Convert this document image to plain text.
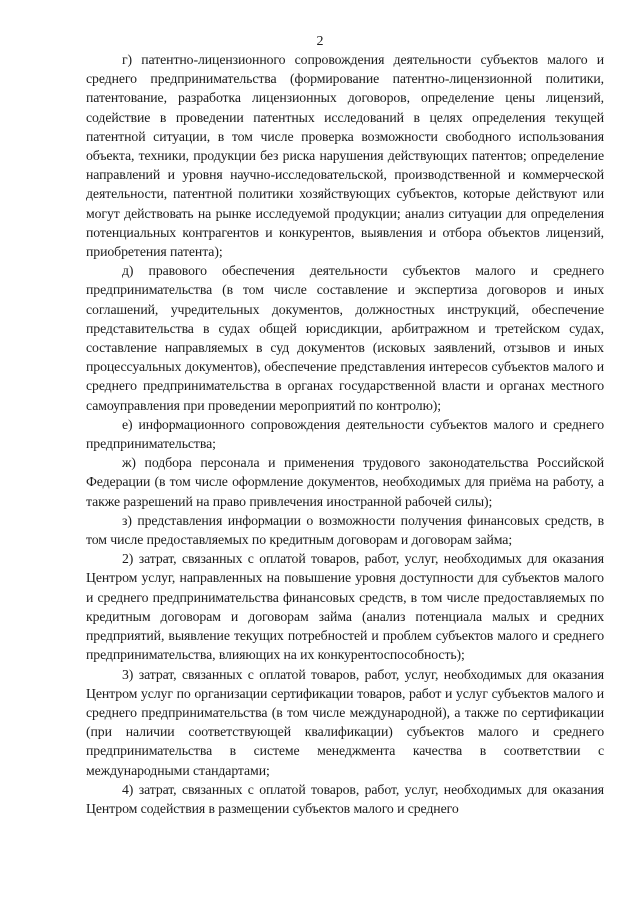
2

г) патентно-лицензионного сопровождения деятельности субъектов малого и среднего предпринимательства (формирование патентно-лицензионной политики, патентование, разработка лицензионных договоров, определение цены лицензий, содействие в проведении патентных исследований в целях определения текущей патентной ситуации, в том числе проверка возможности свободного использования объекта, техники, продукции без риска нарушения действующих патентов; определение направлений и уровня научно-исследовательской, производственной и коммерческой деятельности, патентной политики хозяйствующих субъектов, которые действуют или могут действовать на рынке исследуемой продукции; анализ ситуации для определения потенциальных контрагентов и конкурентов, выявления и отбора объектов лицензий, приобретения патента);

д) правового обеспечения деятельности субъектов малого и среднего предпринимательства (в том числе составление и экспертиза договоров и иных соглашений, учредительных документов, должностных инструкций, обеспечение представительства в судах общей юрисдикции, арбитражном и третейском судах, составление направляемых в суд документов (исковых заявлений, отзывов и иных процессуальных документов), обеспечение представления интересов субъектов малого и среднего предпринимательства в органах государственной власти и органах местного самоуправления при проведении мероприятий по контролю);

е) информационного сопровождения деятельности субъектов малого и среднего предпринимательства;

ж) подбора персонала и применения трудового законодательства Российской Федерации (в том числе оформление документов, необходимых для приёма на работу, а также разрешений на право привлечения иностранной рабочей силы);

з) представления информации о возможности получения финансовых средств, в том числе предоставляемых по кредитным договорам и договорам займа;

2) затрат, связанных с оплатой товаров, работ, услуг, необходимых для оказания Центром услуг, направленных на повышение уровня доступности для субъектов малого и среднего предпринимательства финансовых средств, в том числе предоставляемых по кредитным договорам и договорам займа (анализ потенциала малых и средних предприятий, выявление текущих потребностей и проблем субъектов малого и среднего предпринимательства, влияющих на их конкурентоспособность);

3) затрат, связанных с оплатой товаров, работ, услуг, необходимых для оказания Центром услуг по организации сертификации товаров, работ и услуг субъектов малого и среднего предпринимательства (в том числе международной), а также по сертификации (при наличии соответствующей квалификации) субъектов малого и среднего предпринимательства в системе менеджмента качества в соответствии с международными стандартами;

4) затрат, связанных с оплатой товаров, работ, услуг, необходимых для оказания Центром содействия в размещении субъектов малого и среднего
